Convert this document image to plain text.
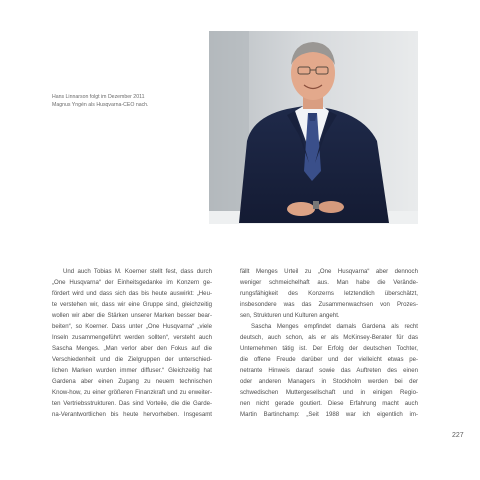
Hans Linnarson folgt im Dezember 2011
Magnus Yngén als Husqvarna-CEO nach.
Und auch Tobias M. Koerner stellt fest, dass durch
„One Husqvarna“ der Einheitsgedanke im Konzern ge-
fördert wird und dass sich das bis heute auswirkt: „Heu-
te verstehen wir, dass wir eine Gruppe sind, gleichzeitig
wollen wir aber die Stärken unserer Marken besser bear-
beiten“, so Koerner. Dass unter „One Husqvarna“ „viele
Inseln zusammengeführt werden sollten“, versteht auch
Sascha Menges. „Man verlor aber den Fokus auf die
Verschiedenheit und die Zielgruppen der unterschied-
lichen Marken wurden immer diffuser.“ Gleichzeitig hat
Gardena aber einen Zugang zu neuem technischen
Know-how, zu einer größeren Finanzkraft und zu erweiter-
ten Vertriebsstrukturen. Das sind Vorteile, die die Garde-
na-Verantwortlichen bis heute hervorheben. Insgesamt
fällt Menges Urteil zu „One Husqvarna“ aber dennoch
weniger schmeichelhaft aus. Man habe die Verände-
rungsfähigkeit des Konzerns letztendlich überschätzt,
insbesondere was das Zusammenwachsen von Prozes-
sen, Strukturen und Kulturen angeht.
Sascha Menges empfindet damals Gardena als recht
deutsch, auch schon, als er als McKinsey-Berater für das
Unternehmen tätig ist. Der Erfolg der deutschen Tochter,
die offene Freude darüber und der vielleicht etwas pe-
netrante Hinweis darauf sowie das Auftreten des einen
oder anderen Managers in Stockholm werden bei der
schwedischen Muttergesellschaft und in einigen Regio-
nen nicht gerade goutiert. Diese Erfahrung macht auch
Martin Bartinchamp: „Seit 1988 war ich eigentlich im-
227
